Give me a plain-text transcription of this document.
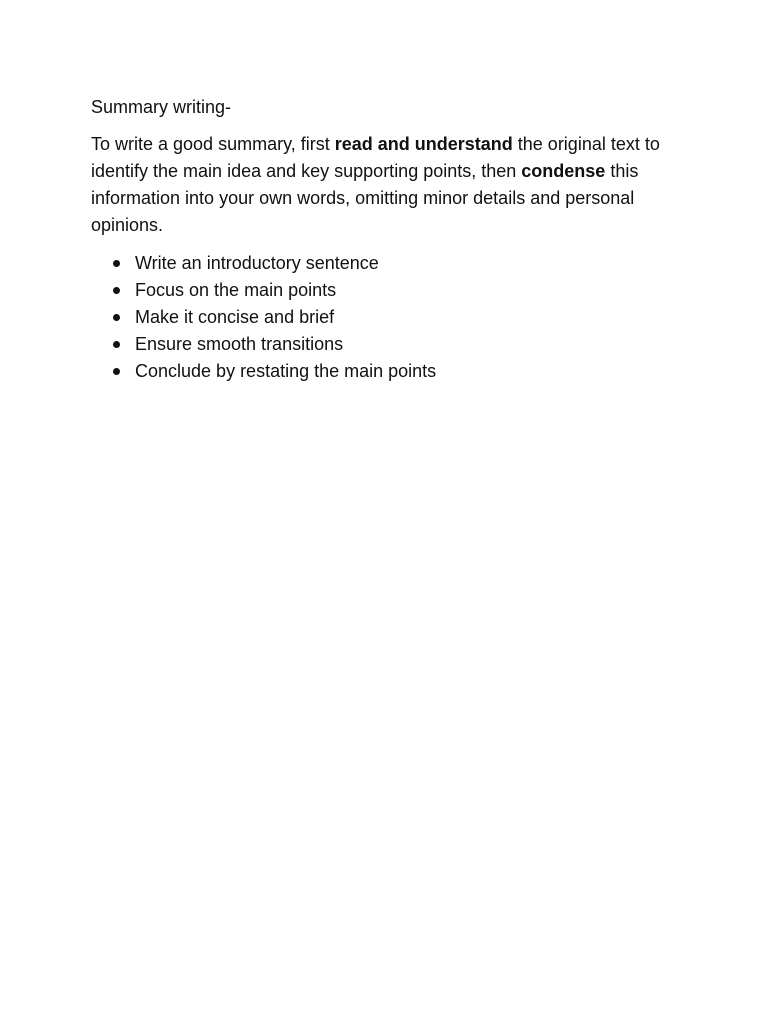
Summary writing-

To write a good summary, first read and understand the original text to identify the main idea and key supporting points, then condense this information into your own words, omitting minor details and personal opinions.

Write an introductory sentence
Focus on the main points
Make it concise and brief
Ensure smooth transitions
Conclude by restating the main points
